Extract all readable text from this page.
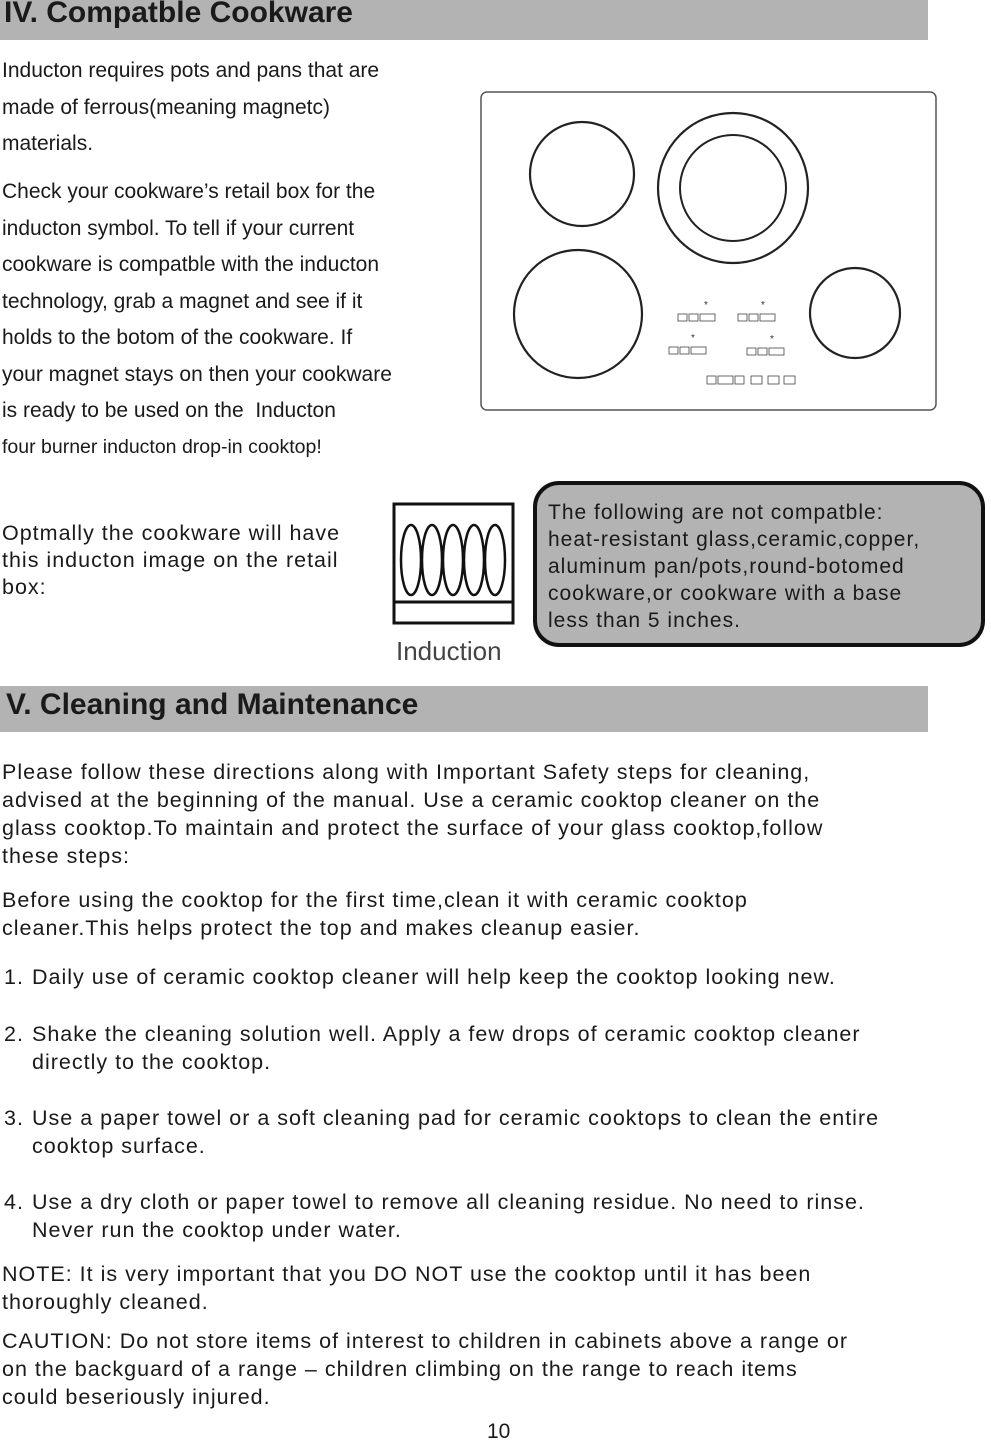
IV. Compatble Cookware
Inducton requires pots and pans that are
made of ferrous(meaning magnetc)
materials.
Check your cookware’s retail box for the
inducton symbol. To tell if your current
cookware is compatble with the inducton
technology, grab a magnet and see if it
holds to the botom of the cookware. If
your magnet stays on then your cookware
is ready to be used on the  Inducton
four burner inducton drop-in cooktop!
*	*
*	*
Optmally the cookware will have
this inducton image on the retail
box:
Induction
The following are not compatble:
heat-resistant glass,ceramic,copper,
aluminum pan/pots,round-botomed
cookware,or cookware with a base
less than 5 inches.
V. Cleaning and Maintenance
Please follow these directions along with Important Safety steps for cleaning,
advised at the beginning of the manual. Use a ceramic cooktop cleaner on the
glass cooktop.To maintain and protect the surface of your glass cooktop,follow
these steps:
Before using the cooktop for the first time,clean it with ceramic cooktop
cleaner.This helps protect the top and makes cleanup easier.
1. Daily use of ceramic cooktop cleaner will help keep the cooktop looking new.
2. Shake the cleaning solution well. Apply a few drops of ceramic cooktop cleaner
directly to the cooktop.
3. Use a paper towel or a soft cleaning pad for ceramic cooktops to clean the entire
cooktop surface.
4. Use a dry cloth or paper towel to remove all cleaning residue. No need to rinse.
Never run the cooktop under water.
NOTE: It is very important that you DO NOT use the cooktop until it has been
thoroughly cleaned.
CAUTION: Do not store items of interest to children in cabinets above a range or
on the backguard of a range – children climbing on the range to reach items
could beseriously injured.
10
